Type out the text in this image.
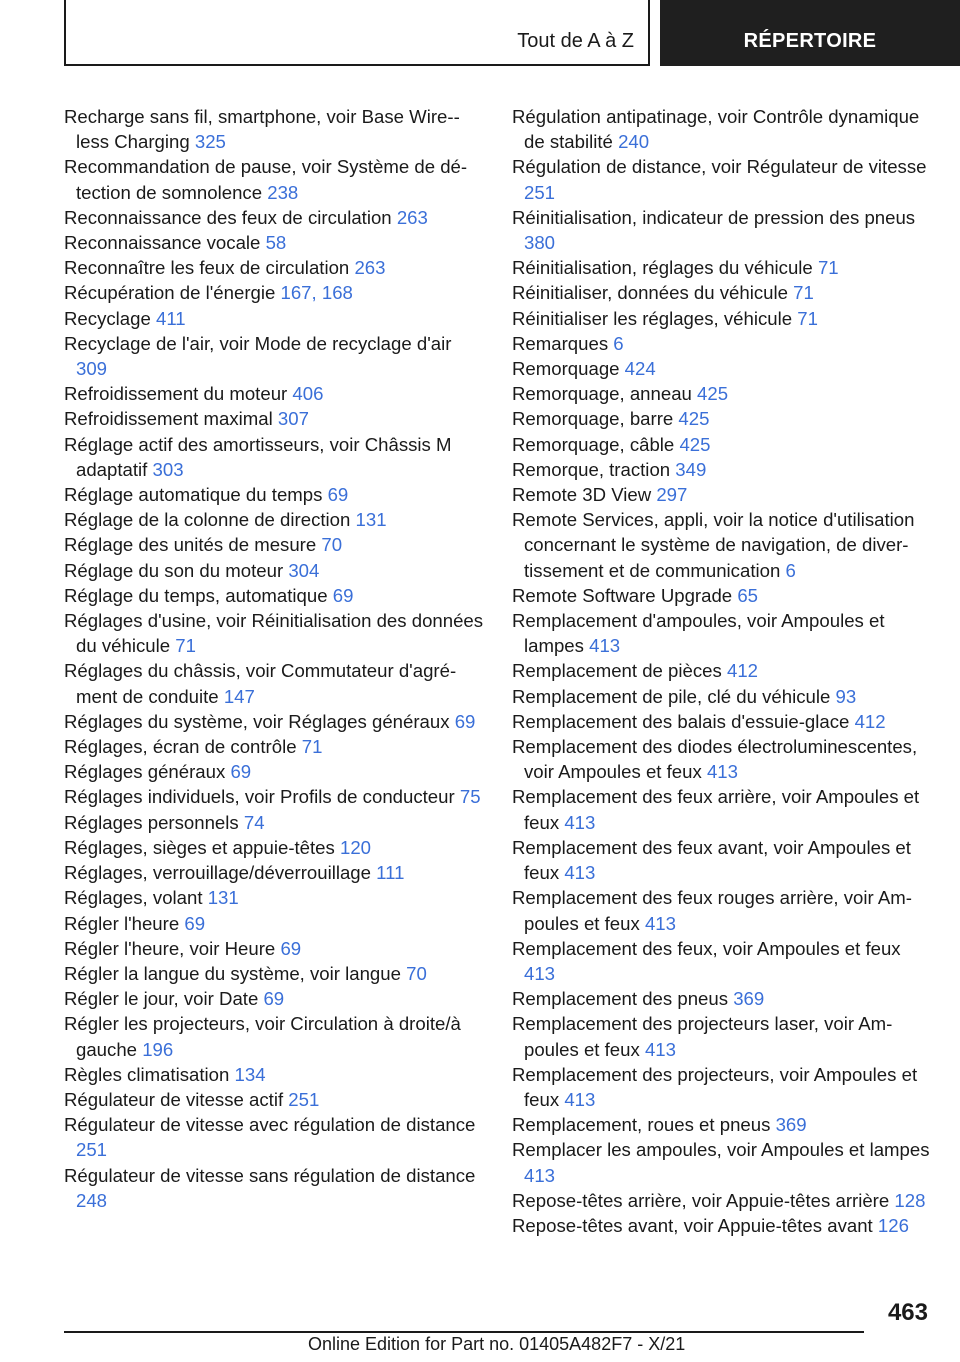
Tout de A à Z	RÉPERTOIRE
Recharge sans fil, smartphone, voir Base Wire‑less Charging 325
Recommandation de pause, voir Système de détection de somnolence 238
Reconnaissance des feux de circulation 263
Reconnaissance vocale 58
Reconnaître les feux de circulation 263
Récupération de l'énergie 167, 168
Recyclage 411
Recyclage de l'air, voir Mode de recyclage d'air 309
Refroidissement du moteur 406
Refroidissement maximal 307
Réglage actif des amortisseurs, voir Châssis M adaptatif 303
Réglage automatique du temps 69
Réglage de la colonne de direction 131
Réglage des unités de mesure 70
Réglage du son du moteur 304
Réglage du temps, automatique 69
Réglages d'usine, voir Réinitialisation des données du véhicule 71
Réglages du châssis, voir Commutateur d'agrément de conduite 147
Réglages du système, voir Réglages généraux 69
Réglages, écran de contrôle 71
Réglages généraux 69
Réglages individuels, voir Profils de conducteur 75
Réglages personnels 74
Réglages, sièges et appuie-têtes 120
Réglages, verrouillage/déverrouillage 111
Réglages, volant 131
Régler l'heure 69
Régler l'heure, voir Heure 69
Régler la langue du système, voir langue 70
Régler le jour, voir Date 69
Régler les projecteurs, voir Circulation à droite/à gauche 196
Règles climatisation 134
Régulateur de vitesse actif 251
Régulateur de vitesse avec régulation de distance 251
Régulateur de vitesse sans régulation de distance 248
Régulation antipatinage, voir Contrôle dynamique de stabilité 240
Régulation de distance, voir Régulateur de vitesse 251
Réinitialisation, indicateur de pression des pneus 380
Réinitialisation, réglages du véhicule 71
Réinitialiser, données du véhicule 71
Réinitialiser les réglages, véhicule 71
Remarques 6
Remorquage 424
Remorquage, anneau 425
Remorquage, barre 425
Remorquage, câble 425
Remorque, traction 349
Remote 3D View 297
Remote Services, appli, voir la notice d'utilisation concernant le système de navigation, de divertissement et de communication 6
Remote Software Upgrade 65
Remplacement d'ampoules, voir Ampoules et lampes 413
Remplacement de pièces 412
Remplacement de pile, clé du véhicule 93
Remplacement des balais d'essuie-glace 412
Remplacement des diodes électroluminescentes, voir Ampoules et feux 413
Remplacement des feux arrière, voir Ampoules et feux 413
Remplacement des feux avant, voir Ampoules et feux 413
Remplacement des feux rouges arrière, voir Ampoules et feux 413
Remplacement des feux, voir Ampoules et feux 413
Remplacement des pneus 369
Remplacement des projecteurs laser, voir Ampoules et feux 413
Remplacement des projecteurs, voir Ampoules et feux 413
Remplacement, roues et pneus 369
Remplacer les ampoules, voir Ampoules et lampes 413
Repose-têtes arrière, voir Appuie-têtes arrière 128
Repose-têtes avant, voir Appuie-têtes avant 126
463
Online Edition for Part no. 01405A482F7 - X/21
